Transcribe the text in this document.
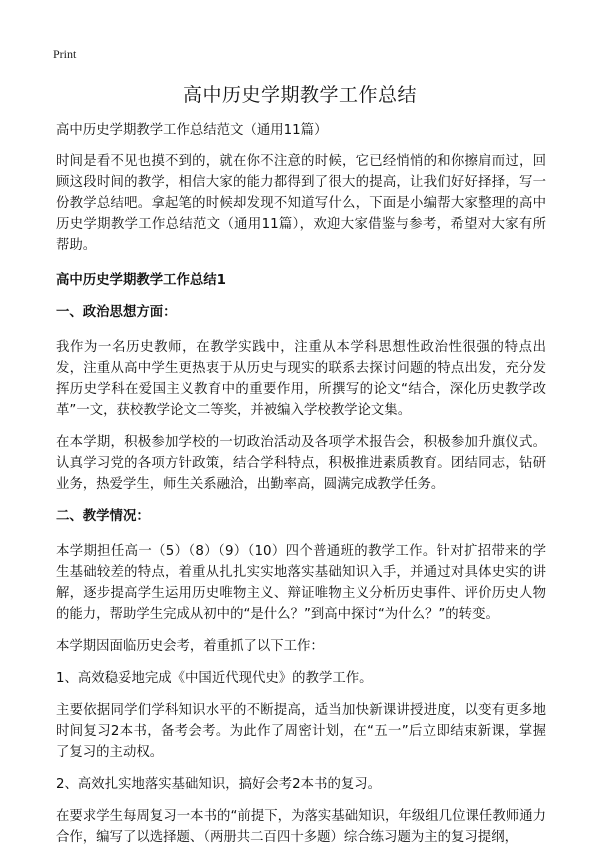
Print
高中历史学期教学工作总结

高中历史学期教学工作总结范文（通用11篇）

时间是看不见也摸不到的，就在你不注意的时候，它已经悄悄的和你擦肩而过，回顾这段时间的教学，相信大家的能力都得到了很大的提高，让我们好好择择，写一份教学总结吧。拿起笔的时候却发现不知道写什么，下面是小编帮大家整理的高中历史学期教学工作总结范文（通用11篇），欢迎大家借鉴与参考，希望对大家有所帮助。

高中历史学期教学工作总结1

一、政治思想方面：

我作为一名历史教师，在教学实践中，注重从本学科思想性政治性很强的特点出发，注重从高中学生更热衷于从历史与现实的联系去探讨问题的特点出发，充分发挥历史学科在爱国主义教育中的重要作用，所撰写的论文“结合，深化历史教学改革”一文，获校教学论文二等奖，并被编入学校教学论文集。

在本学期，积极参加学校的一切政治活动及各项学术报告会，积极参加升旗仪式。认真学习党的各项方针政策，结合学科特点，积极推进素质教育。团结同志，钻研业务，热爱学生，师生关系融洽，出勤率高，圆满完成教学任务。

二、教学情况：

本学期担任高一（5）（8）（9）（10）四个普通班的教学工作。针对扩招带来的学生基础较差的特点，着重从扎扎实实地落实基础知识入手，并通过对具体史实的讲解，逐步提高学生运用历史唯物主义、辩证唯物主义分析历史事件、评价历史人物的能力，帮助学生完成从初中的“是什么？”到高中探讨“为什么？”的转变。

本学期因面临历史会考，着重抓了以下工作：

1、高效稳妥地完成《中国近代现代史》的教学工作。

主要依据同学们学科知识水平的不断提高，适当加快新课讲授进度，以变有更多地时间复习2本书，备考会考。为此作了周密计划，在“五一”后立即结束新课，掌握了复习的主动权。

2、高效扎实地落实基础知识，搞好会考2本书的复习。

在要求学生每周复习一本书的“前提下，为落实基础知识，年级组几位课任教师通力合作，编写了以选择题、（两册共二百四十多题）综合练习题为主的复习提纲，
